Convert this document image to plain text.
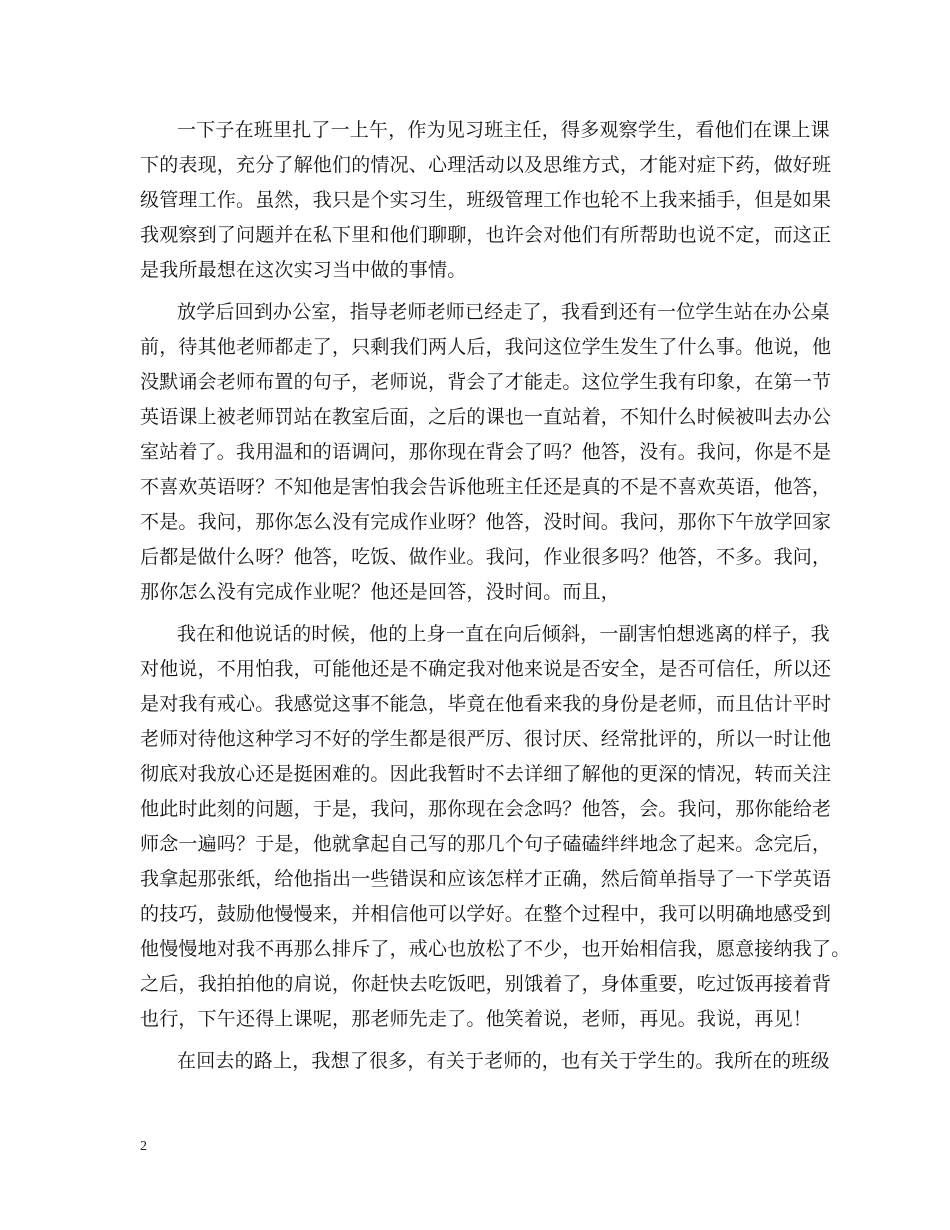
一下子在班里扎了一上午，作为见习班主任，得多观察学生，看他们在课上课
下的表现，充分了解他们的情况、心理活动以及思维方式，才能对症下药，做好班
级管理工作。虽然，我只是个实习生，班级管理工作也轮不上我来插手，但是如果
我观察到了问题并在私下里和他们聊聊，也许会对他们有所帮助也说不定，而这正
是我所最想在这次实习当中做的事情。
放学后回到办公室，指导老师老师已经走了，我看到还有一位学生站在办公桌
前，待其他老师都走了，只剩我们两人后，我问这位学生发生了什么事。他说，他
没默诵会老师布置的句子，老师说，背会了才能走。这位学生我有印象，在第一节
英语课上被老师罚站在教室后面，之后的课也一直站着，不知什么时候被叫去办公
室站着了。我用温和的语调问，那你现在背会了吗？他答，没有。我问，你是不是
不喜欢英语呀？不知他是害怕我会告诉他班主任还是真的不是不喜欢英语，他答，
不是。我问，那你怎么没有完成作业呀？他答，没时间。我问，那你下午放学回家
后都是做什么呀？他答，吃饭、做作业。我问，作业很多吗？他答，不多。我问，
那你怎么没有完成作业呢？他还是回答，没时间。而且，
我在和他说话的时候，他的上身一直在向后倾斜，一副害怕想逃离的样子，我
对他说，不用怕我，可能他还是不确定我对他来说是否安全，是否可信任，所以还
是对我有戒心。我感觉这事不能急，毕竟在他看来我的身份是老师，而且估计平时
老师对待他这种学习不好的学生都是很严厉、很讨厌、经常批评的，所以一时让他
彻底对我放心还是挺困难的。因此我暂时不去详细了解他的更深的情况，转而关注
他此时此刻的问题，于是，我问，那你现在会念吗？他答，会。我问，那你能给老
师念一遍吗？于是，他就拿起自己写的那几个句子磕磕绊绊地念了起来。念完后，
我拿起那张纸，给他指出一些错误和应该怎样才正确，然后简单指导了一下学英语
的技巧，鼓励他慢慢来，并相信他可以学好。在整个过程中，我可以明确地感受到
他慢慢地对我不再那么排斥了，戒心也放松了不少，也开始相信我，愿意接纳我了。
之后，我拍拍他的肩说，你赶快去吃饭吧，别饿着了，身体重要，吃过饭再接着背
也行，下午还得上课呢，那老师先走了。他笑着说，老师，再见。我说，再见！
在回去的路上，我想了很多，有关于老师的，也有关于学生的。我所在的班级
2
